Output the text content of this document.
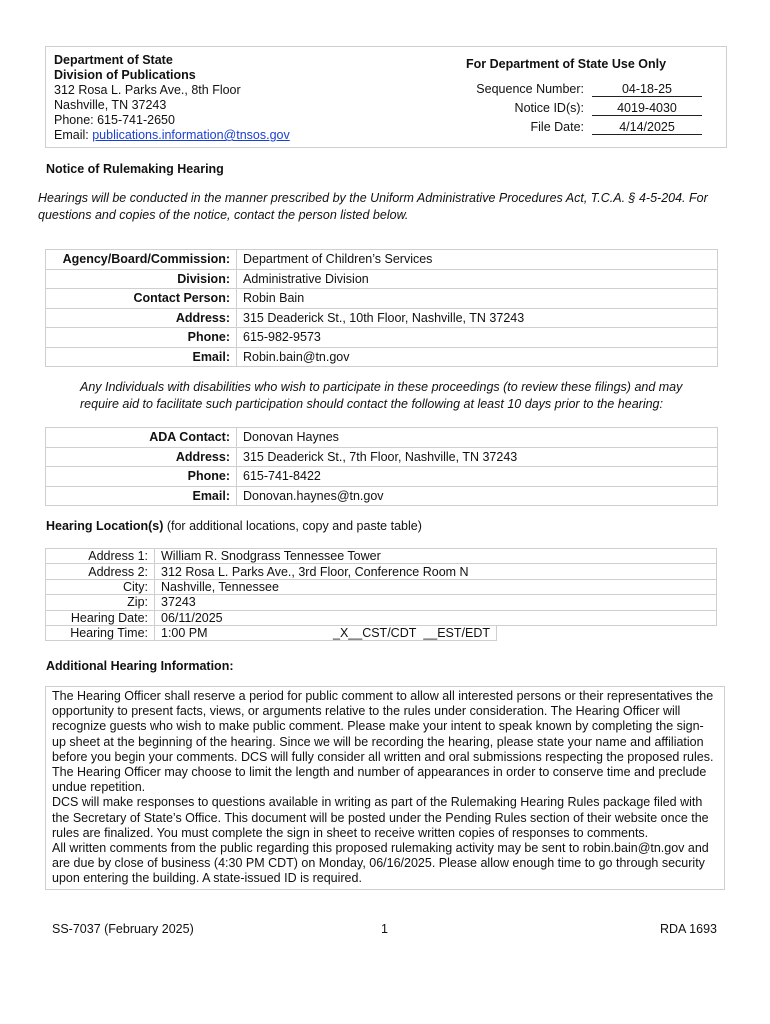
Department of State
Division of Publications
312 Rosa L. Parks Ave., 8th Floor
Nashville, TN 37243
Phone: 615-741-2650
Email: publications.information@tnsos.gov
For Department of State Use Only
Sequence Number:	04-18-25
Notice ID(s):	4019-4030
File Date:	4/14/2025
Notice of Rulemaking Hearing
Hearings will be conducted in the manner prescribed by the Uniform Administrative Procedures Act, T.C.A. § 4-5-204. For questions and copies of the notice, contact the person listed below.
Agency/Board/Commission:	Department of Children’s Services
Division:	Administrative Division
Contact Person:	Robin Bain
Address:	315 Deaderick St., 10th Floor, Nashville, TN 37243
Phone:	615-982-9573
Email:	Robin.bain@tn.gov
Any Individuals with disabilities who wish to participate in these proceedings (to review these filings) and may require aid to facilitate such participation should contact the following at least 10 days prior to the hearing:
ADA Contact:	Donovan Haynes
Address:	315 Deaderick St., 7th Floor, Nashville, TN 37243
Phone:	615-741-8422
Email:	Donovan.haynes@tn.gov
Hearing Location(s) (for additional locations, copy and paste table)
Address 1:	William R. Snodgrass Tennessee Tower		
Address 2:	312 Rosa L. Parks Ave., 3rd Floor, Conference Room N		
City:	Nashville, Tennessee		
Zip:	37243		
Hearing Date:	06/11/2025		
Hearing Time:	1:00 PM	_X__CST/CDT __EST/EDT	
Additional Hearing Information:

The Hearing Officer shall reserve a period for public comment to allow all interested persons or their representatives the opportunity to present facts, views, or arguments relative to the rules under consideration. The Hearing Officer will recognize guests who wish to make public comment. Please make your intent to speak known by completing the sign-up sheet at the beginning of the hearing. Since we will be recording the hearing, please state your name and affiliation before you begin your comments. DCS will fully consider all written and oral submissions respecting the proposed rules. The Hearing Officer may choose to limit the length and number of appearances in order to conserve time and preclude undue repetition.

DCS will make responses to questions available in writing as part of the Rulemaking Hearing Rules package filed with the Secretary of State’s Office. This document will be posted under the Pending Rules section of their website once the rules are finalized. You must complete the sign in sheet to receive written copies of responses to comments.

All written comments from the public regarding this proposed rulemaking activity may be sent to robin.bain@tn.gov and are due by close of business (4:30 PM CDT) on Monday, 06/16/2025. Please allow enough time to go through security upon entering the building. A state-issued ID is required.

SS-7037 (February 2025)	1	RDA 1693
